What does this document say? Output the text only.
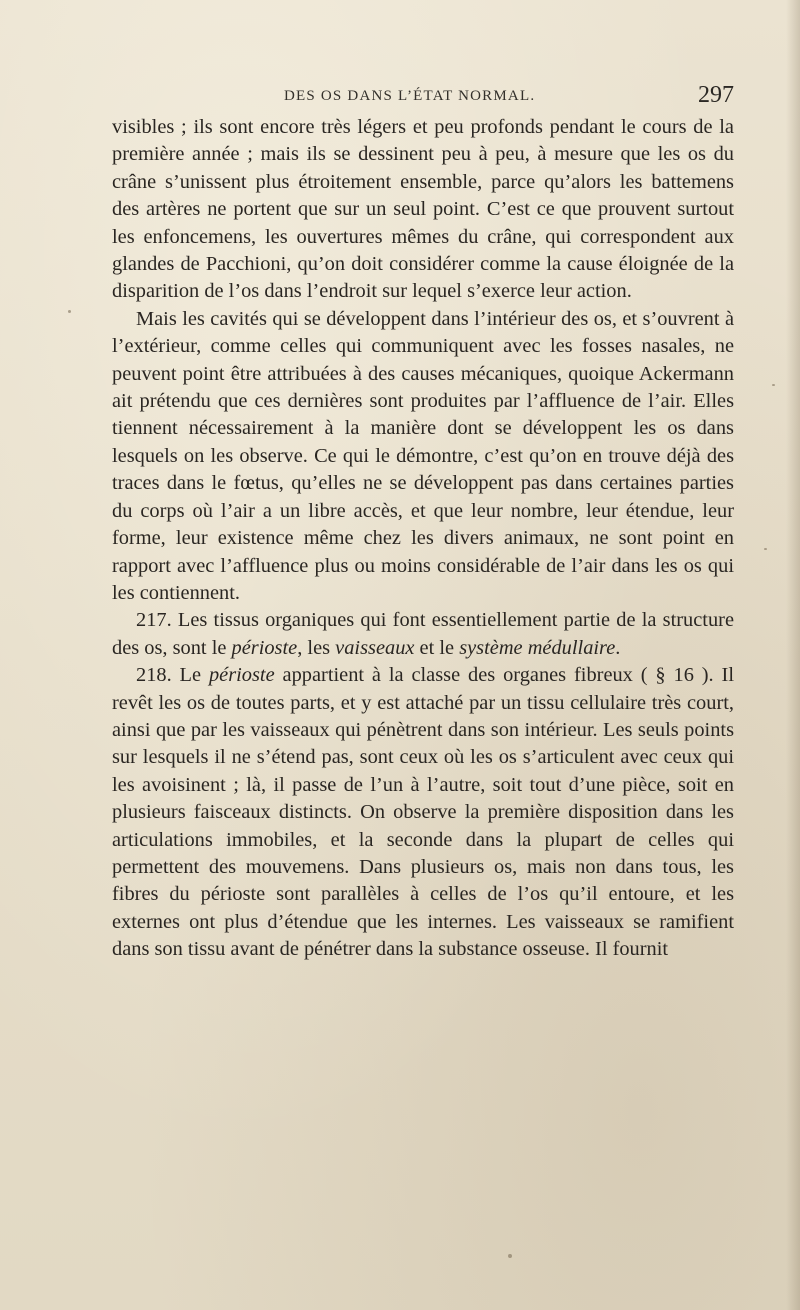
DES OS DANS L’ÉTAT NORMAL.	297

visibles ; ils sont encore très légers et peu profonds pendant le cours de la première année ; mais ils se dessinent peu à peu, à mesure que les os du crâne s’unissent plus étroitement ensemble, parce qu’alors les battemens des artères ne portent que sur un seul point. C’est ce que prouvent surtout les enfoncemens, les ouvertures mêmes du crâne, qui correspondent aux glandes de Pacchioni, qu’on doit considérer comme la cause éloignée de la disparition de l’os dans l’endroit sur lequel s’exerce leur action.

Mais les cavités qui se développent dans l’intérieur des os, et s’ouvrent à l’extérieur, comme celles qui communiquent avec les fosses nasales, ne peuvent point être attribuées à des causes mécaniques, quoique Ackermann ait prétendu que ces dernières sont produites par l’affluence de l’air. Elles tiennent nécessairement à la manière dont se développent les os dans lesquels on les observe. Ce qui le démontre, c’est qu’on en trouve déjà des traces dans le fœtus, qu’elles ne se développent pas dans certaines parties du corps où l’air a un libre accès, et que leur nombre, leur étendue, leur forme, leur existence même chez les divers animaux, ne sont point en rapport avec l’affluence plus ou moins considérable de l’air dans les os qui les contiennent.

217. Les tissus organiques qui font essentiellement partie de la structure des os, sont le périoste, les vaisseaux et le système médullaire.

218. Le périoste appartient à la classe des organes fibreux ( § 16 ). Il revêt les os de toutes parts, et y est attaché par un tissu cellulaire très court, ainsi que par les vaisseaux qui pénètrent dans son intérieur. Les seuls points sur lesquels il ne s’étend pas, sont ceux où les os s’articulent avec ceux qui les avoisinent ; là, il passe de l’un à l’autre, soit tout d’une pièce, soit en plusieurs faisceaux distincts. On observe la première disposition dans les articulations immobiles, et la seconde dans la plupart de celles qui permettent des mouvemens. Dans plusieurs os, mais non dans tous, les fibres du périoste sont parallèles à celles de l’os qu’il entoure, et les externes ont plus d’étendue que les internes. Les vaisseaux se ramifient dans son tissu avant de pénétrer dans la substance osseuse. Il fournit
